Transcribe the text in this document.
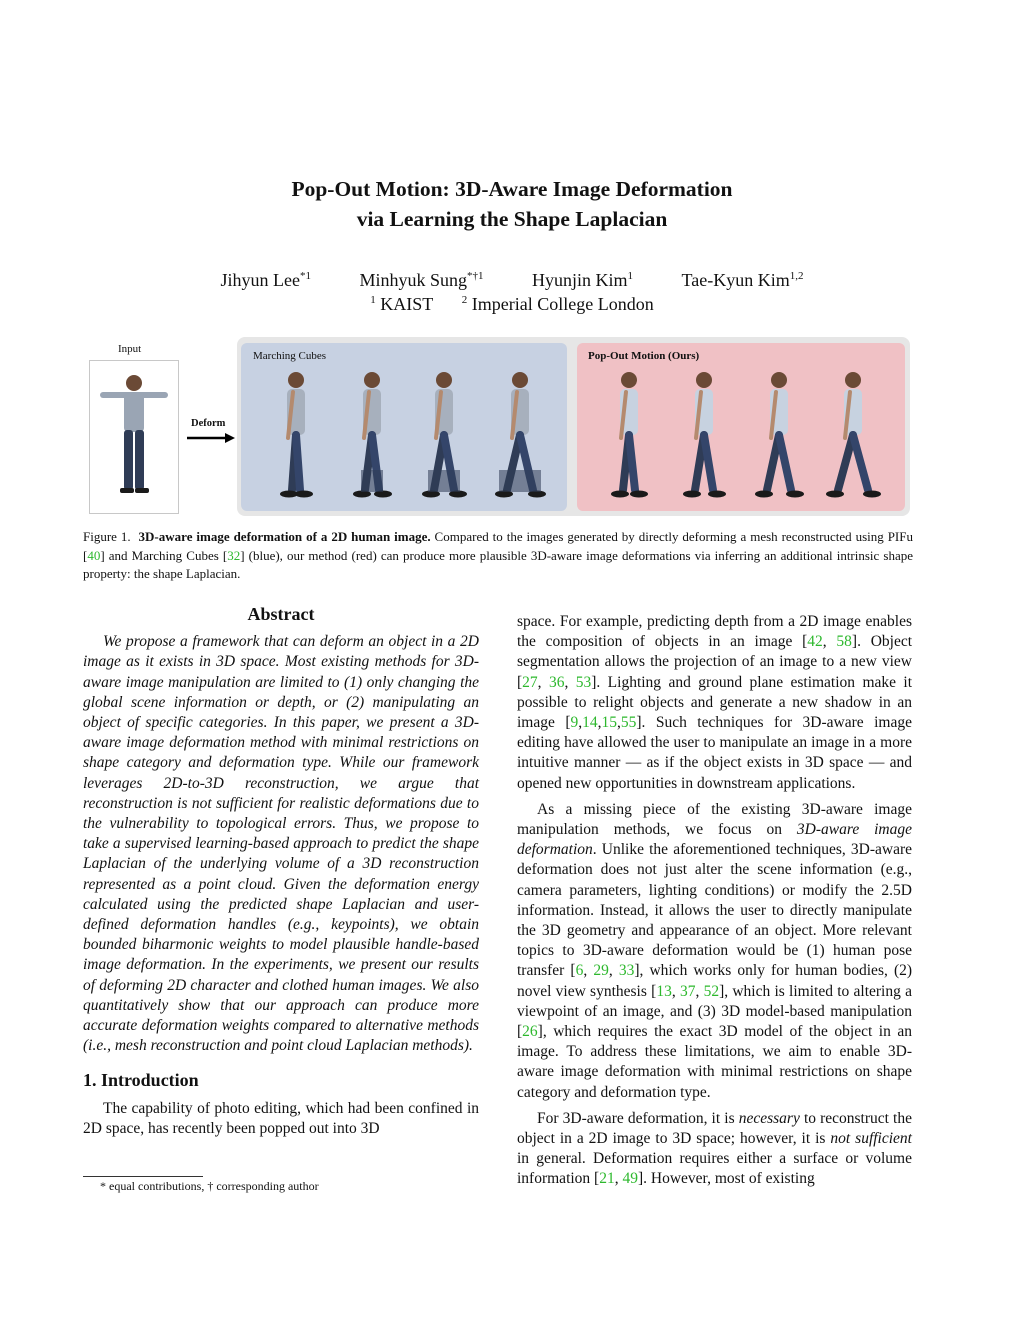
Pop-Out Motion: 3D-Aware Image Deformation
via Learning the Shape Laplacian
Jihyun Lee$^{*1}$	Minhyuk Sung$^{*\dagger 1}$	Hyunjin Kim$^1$	Tae-Kyun Kim$^{1,2}$
$^1$ KAIST	$^2$ Imperial College London
Input
Deform
Marching Cubes	Pop-Out Motion (Ours)
Figure 1. 3D-aware image deformation of a 2D human image. Compared to the images generated by directly deforming a mesh reconstructed using PIFu [40] and Marching Cubes [32] (blue), our method (red) can produce more plausible 3D-aware image deformations via inferring an additional intrinsic shape property: the shape Laplacian.
Abstract

We propose a framework that can deform an object in a 2D image as it exists in 3D space. Most existing methods for 3D-aware image manipulation are limited to (1) only changing the global scene information or depth, or (2) manipulating an object of specific categories. In this paper, we present a 3D-aware image deformation method with minimal restrictions on shape category and deformation type. While our framework leverages 2D-to-3D reconstruction, we argue that reconstruction is not sufficient for realistic deformations due to the vulnerability to topological errors. Thus, we propose to take a supervised learning-based approach to predict the shape Laplacian of the underlying volume of a 3D reconstruction represented as a point cloud. Given the deformation energy calculated using the predicted shape Laplacian and user-defined deformation handles (e.g., keypoints), we obtain bounded biharmonic weights to model plausible handle-based image deformation. In the experiments, we present our results of deforming 2D character and clothed human images. We also quantitatively show that our approach can produce more accurate deformation weights compared to alternative methods (i.e., mesh reconstruction and point cloud Laplacian methods).

1. Introduction

The capability of photo editing, which had been confined in 2D space, has recently been popped out into 3D

* equal contributions, † corresponding author

space. For example, predicting depth from a 2D image enables the composition of objects in an image [42, 58]. Object segmentation allows the projection of an image to a new view [27, 36, 53]. Lighting and ground plane estimation make it possible to relight objects and generate a new shadow in an image [9,14,15,55]. Such techniques for 3D-aware image editing have allowed the user to manipulate an image in a more intuitive manner — as if the object exists in 3D space — and opened new opportunities in downstream applications.

As a missing piece of the existing 3D-aware image manipulation methods, we focus on 3D-aware image deformation. Unlike the aforementioned techniques, 3D-aware deformation does not just alter the scene information (e.g., camera parameters, lighting conditions) or modify the 2.5D information. Instead, it allows the user to directly manipulate the 3D geometry and appearance of an object. More relevant topics to 3D-aware deformation would be (1) human pose transfer [6, 29, 33], which works only for human bodies, (2) novel view synthesis [13, 37, 52], which is limited to altering a viewpoint of an image, and (3) 3D model-based manipulation [26], which requires the exact 3D model of the object in an image. To address these limitations, we aim to enable 3D-aware image deformation with minimal restrictions on shape category and deformation type.

For 3D-aware deformation, it is necessary to reconstruct the object in a 2D image to 3D space; however, it is not sufficient in general. Deformation requires either a surface or volume information [21, 49]. However, most of existing
